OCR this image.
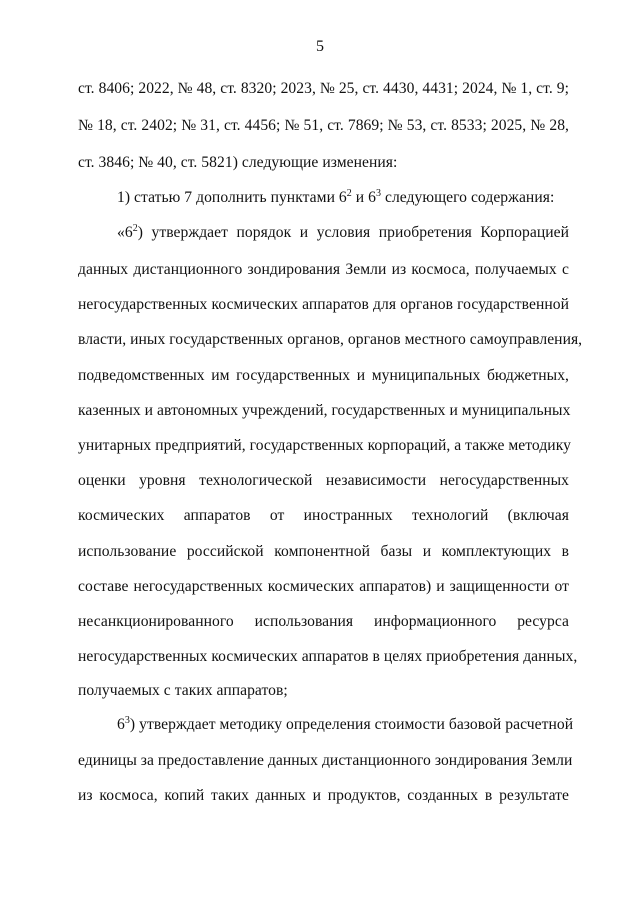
5
ст. 8406; 2022, № 48, ст. 8320; 2023, № 25, ст. 4430, 4431; 2024, № 1, ст. 9;
№ 18, ст. 2402; № 31, ст. 4456; № 51, ст. 7869; № 53, ст. 8533; 2025, № 28,
ст. 3846; № 40, ст. 5821) следующие изменения:
1) статью 7 дополнить пунктами $6^2$ и $6^3$ следующего содержания:
«$6^2$) утверждает порядок и условия приобретения Корпорацией
данных дистанционного зондирования Земли из космоса, получаемых с
негосударственных космических аппаратов для органов государственной
власти, иных государственных органов, органов местного самоуправления,
подведомственных им государственных и муниципальных бюджетных,
казенных и автономных учреждений, государственных и муниципальных
унитарных предприятий, государственных корпораций, а также методику
оценки уровня технологической независимости негосударственных
космических аппаратов от иностранных технологий (включая
использование российской компонентной базы и комплектующих в
составе негосударственных космических аппаратов) и защищенности от
несанкционированного использования информационного ресурса
негосударственных космических аппаратов в целях приобретения данных,
получаемых с таких аппаратов;
$6^3$) утверждает методику определения стоимости базовой расчетной
единицы за предоставление данных дистанционного зондирования Земли
из космоса, копий таких данных и продуктов, созданных в результате
